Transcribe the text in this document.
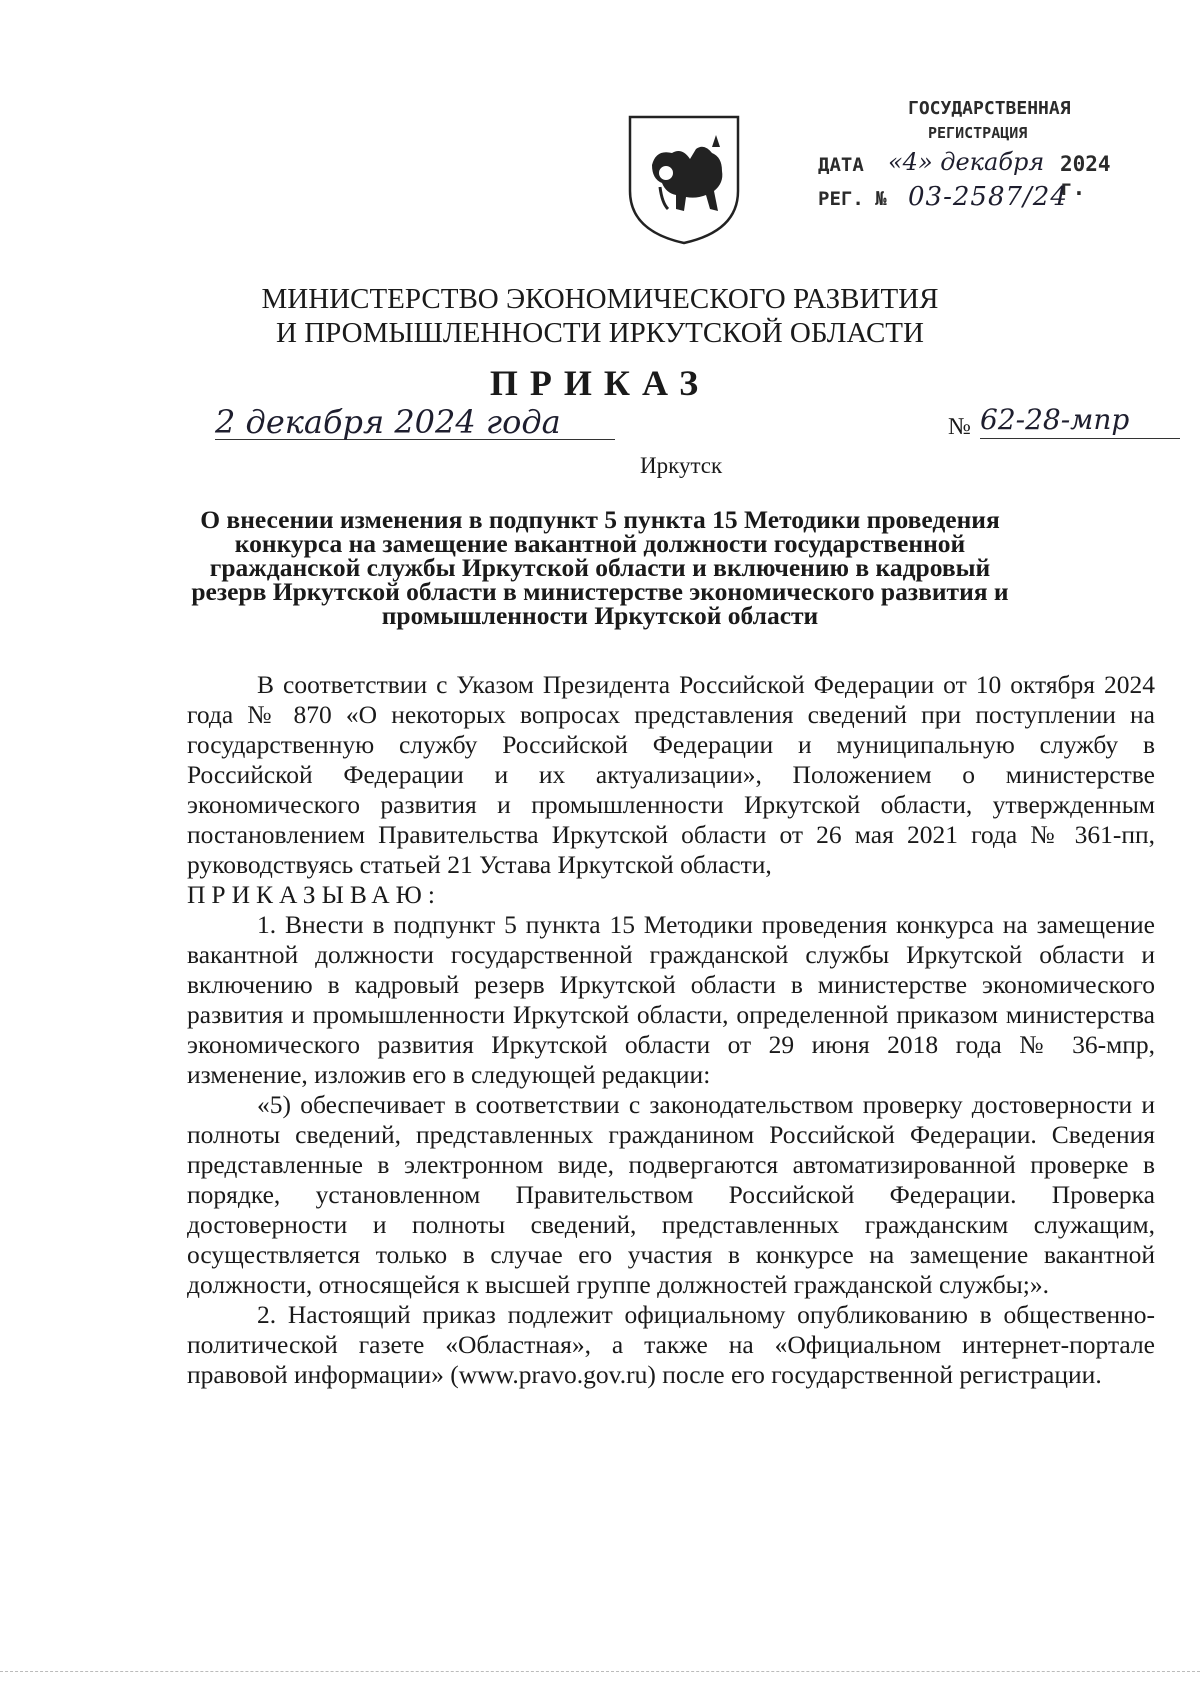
ГОСУДАРСТВЕННАЯ
РЕГИСТРАЦИЯ
ДАТА «4» декабря 2024 г.
РЕГ. № 03-2587/24
МИНИСТЕРСТВО ЭКОНОМИЧЕСКОГО РАЗВИТИЯ
И ПРОМЫШЛЕННОСТИ ИРКУТСКОЙ ОБЛАСТИ
ПРИКАЗ
2 декабря 2024 года	№ 62-28-мпр
Иркутск
О внесении изменения в подпункт 5 пункта 15 Методики проведения конкурса на замещение вакантной должности государственной гражданской службы Иркутской области и включению в кадровый резерв Иркутской области в министерстве экономического развития и промышленности Иркутской области

В соответствии с Указом Президента Российской Федерации от 10 октября 2024 года № 870 «О некоторых вопросах представления сведений при поступлении на государственную службу Российской Федерации и муниципальную службу в Российской Федерации и их актуализации», Положением о министерстве экономического развития и промышленности Иркутской области, утвержденным постановлением Правительства Иркутской области от 26 мая 2021 года № 361-пп, руководствуясь статьей 21 Устава Иркутской области,

ПРИКАЗЫВАЮ:

1. Внести в подпункт 5 пункта 15 Методики проведения конкурса на замещение вакантной должности государственной гражданской службы Иркутской области и включению в кадровый резерв Иркутской области в министерстве экономического развития и промышленности Иркутской области, определенной приказом министерства экономического развития Иркутской области от 29 июня 2018 года № 36-мпр, изменение, изложив его в следующей редакции:

«5) обеспечивает в соответствии с законодательством проверку достоверности и полноты сведений, представленных гражданином Российской Федерации. Сведения представленные в электронном виде, подвергаются автоматизированной проверке в порядке, установленном Правительством Российской Федерации. Проверка достоверности и полноты сведений, представленных гражданским служащим, осуществляется только в случае его участия в конкурсе на замещение вакантной должности, относящейся к высшей группе должностей гражданской службы;».

2. Настоящий приказ подлежит официальному опубликованию в общественно-политической газете «Областная», а также на «Официальном интернет-портале правовой информации» (www.pravo.gov.ru) после его государственной регистрации.
